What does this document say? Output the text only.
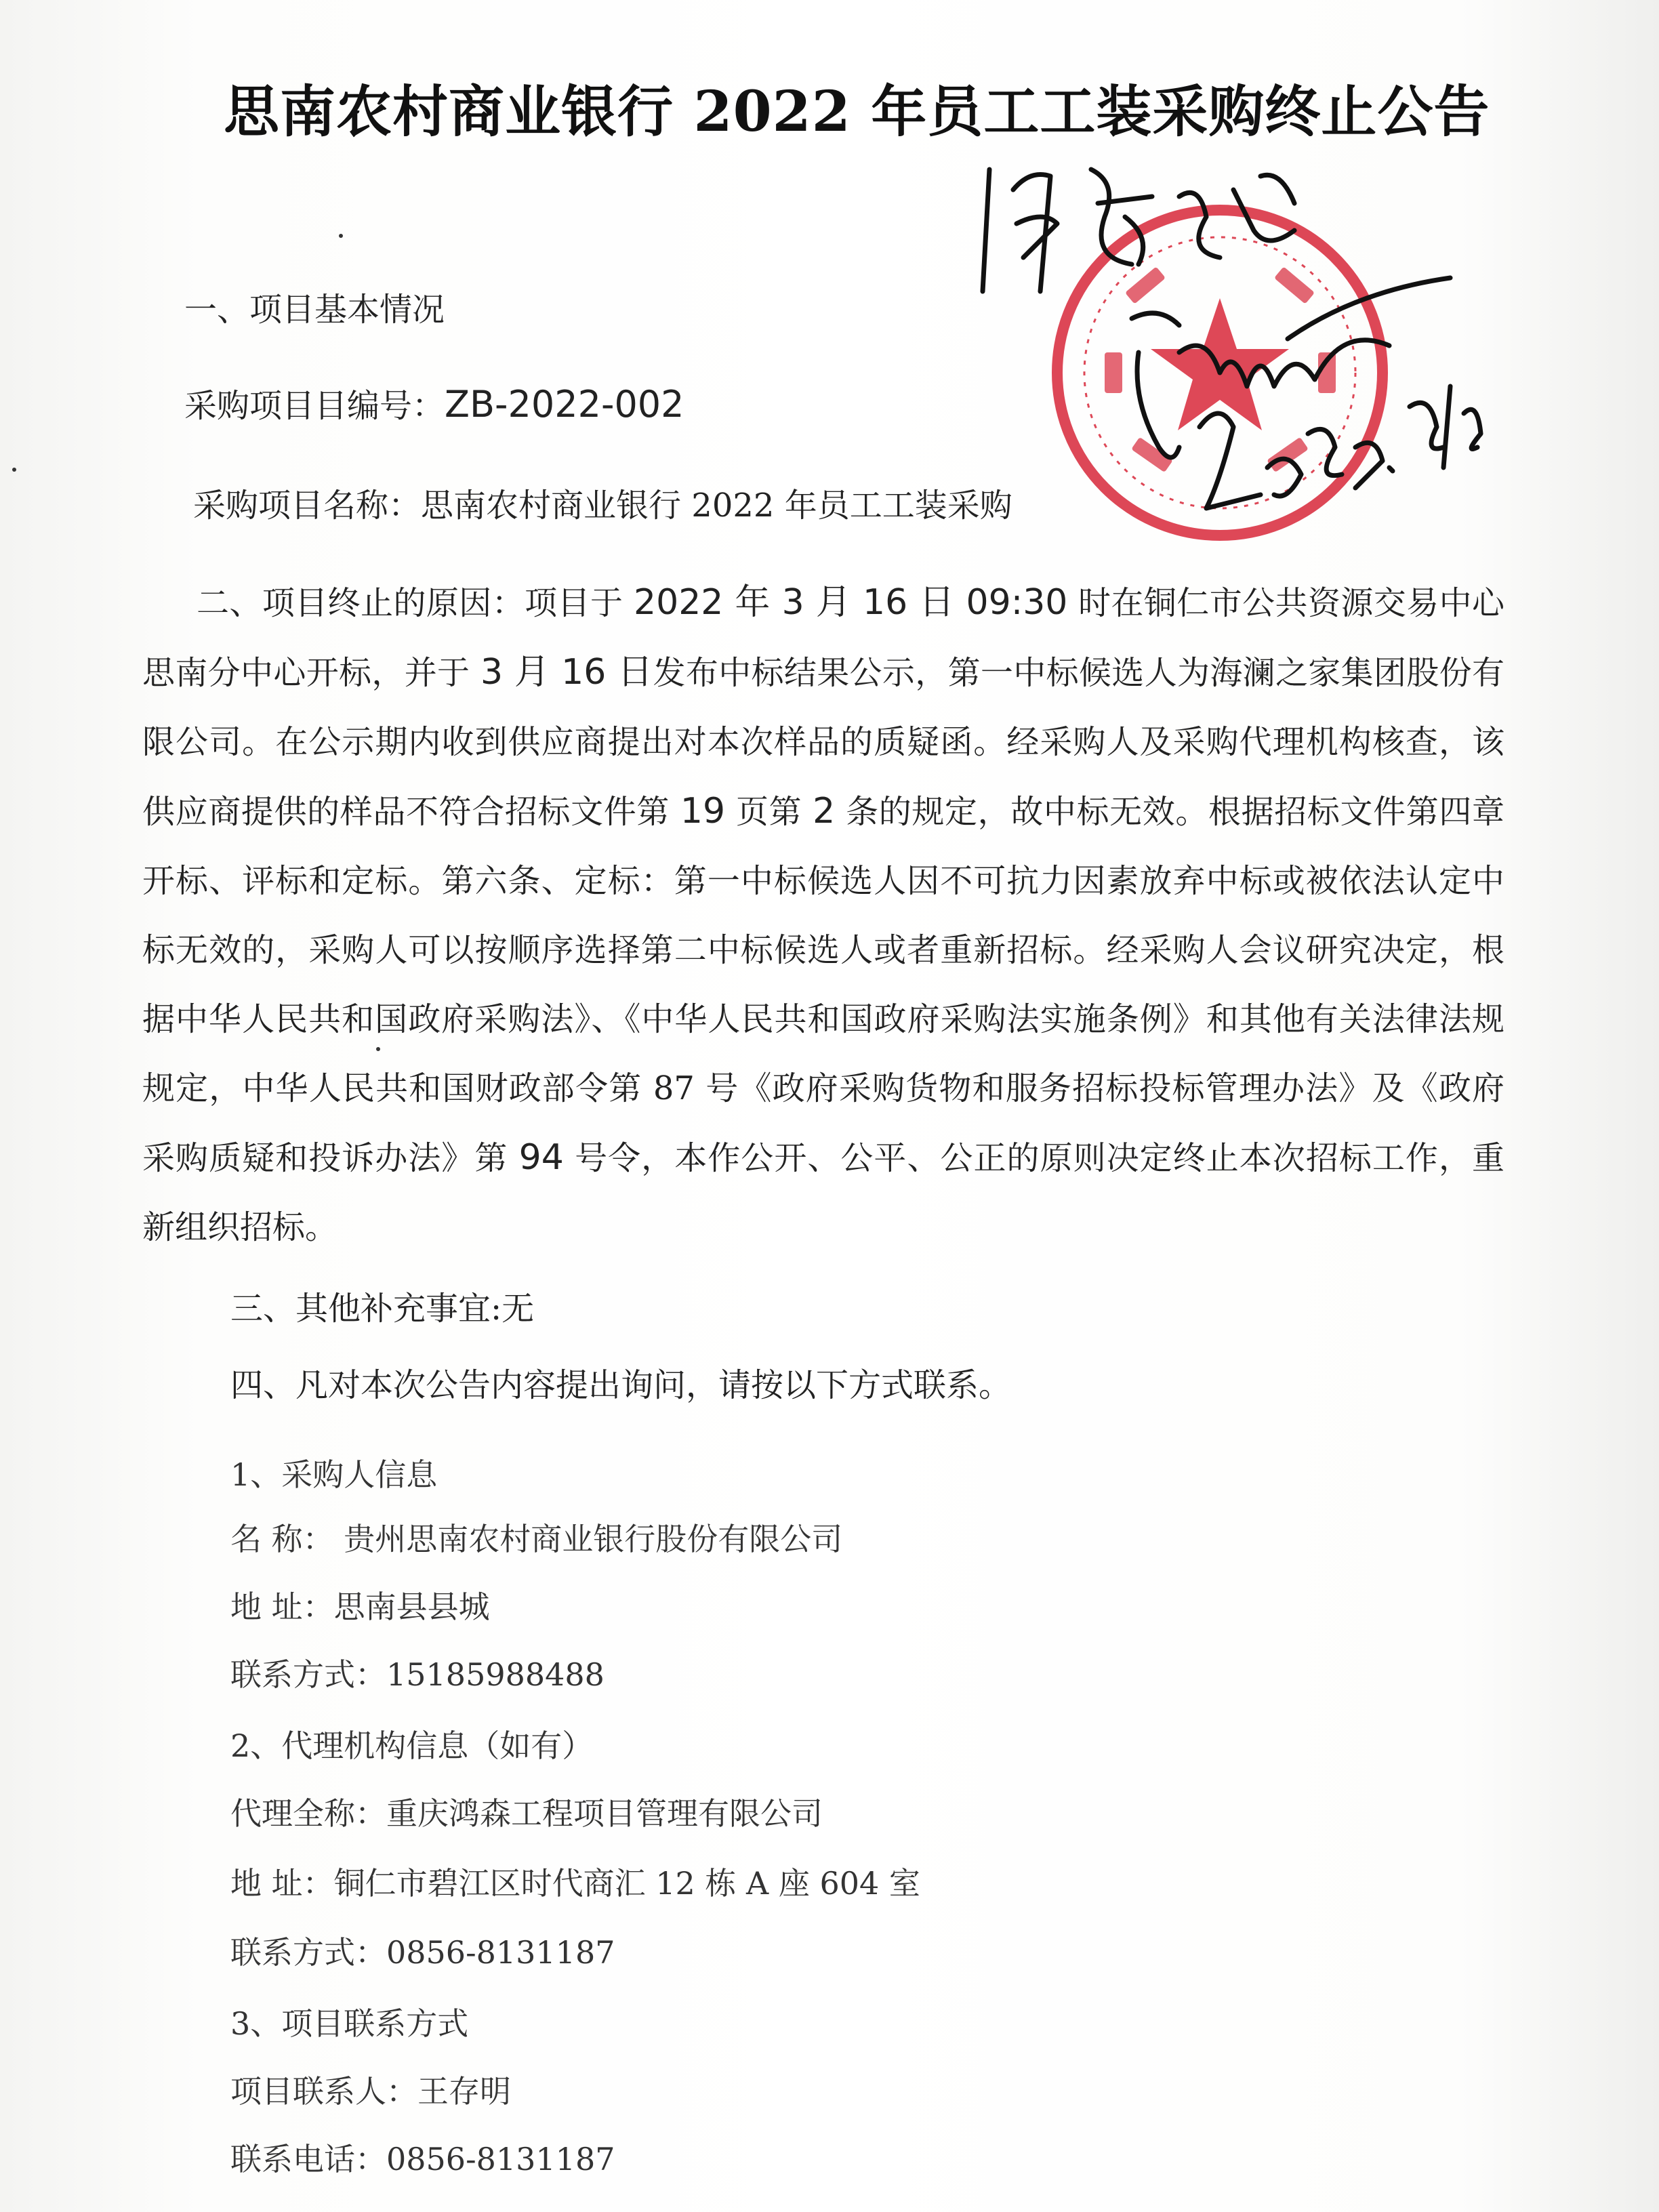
思南农村商业银行 2022 年员工工装采购终止公告
一、项目基本情况
采购项目目编号：ZB-2022-002
采购项目名称：思南农村商业银行 2022 年员工工装采购
二、项目终止的原因：项目于 2022 年 3 月 16 日 09:30 时在铜仁市公共资源交易中心思南分中心开标，并于 3 月 16 日发布中标结果公示，第一中标候选人为海澜之家集团股份有限公司。在公示期内收到供应商提出对本次样品的质疑函。经采购人及采购代理机构核查，该供应商提供的样品不符合招标文件第 19 页第 2 条的规定，故中标无效。根据招标文件第四章 开标、评标和定标。第六条、定标：第一中标候选人因不可抗力因素放弃中标或被依法认定中标无效的，采购人可以按顺序选择第二中标候选人或者重新招标。经采购人会议研究决定，根据中华人民共和国政府采购法》、《中华人民共和国政府采购法实施条例》和其他有关法律法规规定，中华人民共和国财政部令第 87 号《政府采购货物和服务招标投标管理办法》及《政府采购质疑和投诉办法》第 94 号令，本作公开、公平、公正的原则决定终止本次招标工作，重新组织招标。
三、其他补充事宜:无
四、凡对本次公告内容提出询问，请按以下方式联系。
1、采购人信息
名 称： 贵州思南农村商业银行股份有限公司
地 址：思南县县城
联系方式：15185988488
2、代理机构信息（如有）
代理全称：重庆鸿森工程项目管理有限公司
地 址：铜仁市碧江区时代商汇 12 栋 A 座 604 室
联系方式：0856-8131187
3、项目联系方式
项目联系人：王存明
联系电话：0856-8131187
